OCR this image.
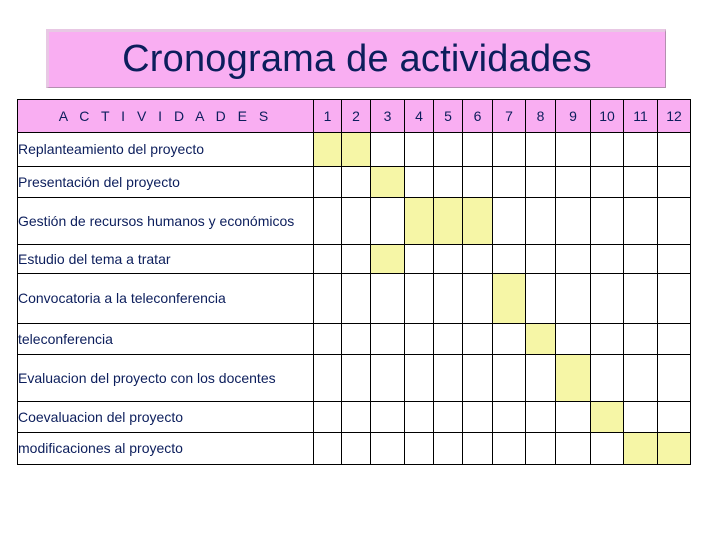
Cronograma de actividades
A C T I V I D A D E S	1	2	3	4	5	6	7	8	9	10	11	12
Replanteamiento del proyecto												
Presentación del proyecto												
Gestión de recursos humanos y económicos												
Estudio del tema a tratar												
Convocatoria a la teleconferencia												
teleconferencia												
Evaluacion del proyecto con los docentes												
Coevaluacion del proyecto												
modificaciones al proyecto												
